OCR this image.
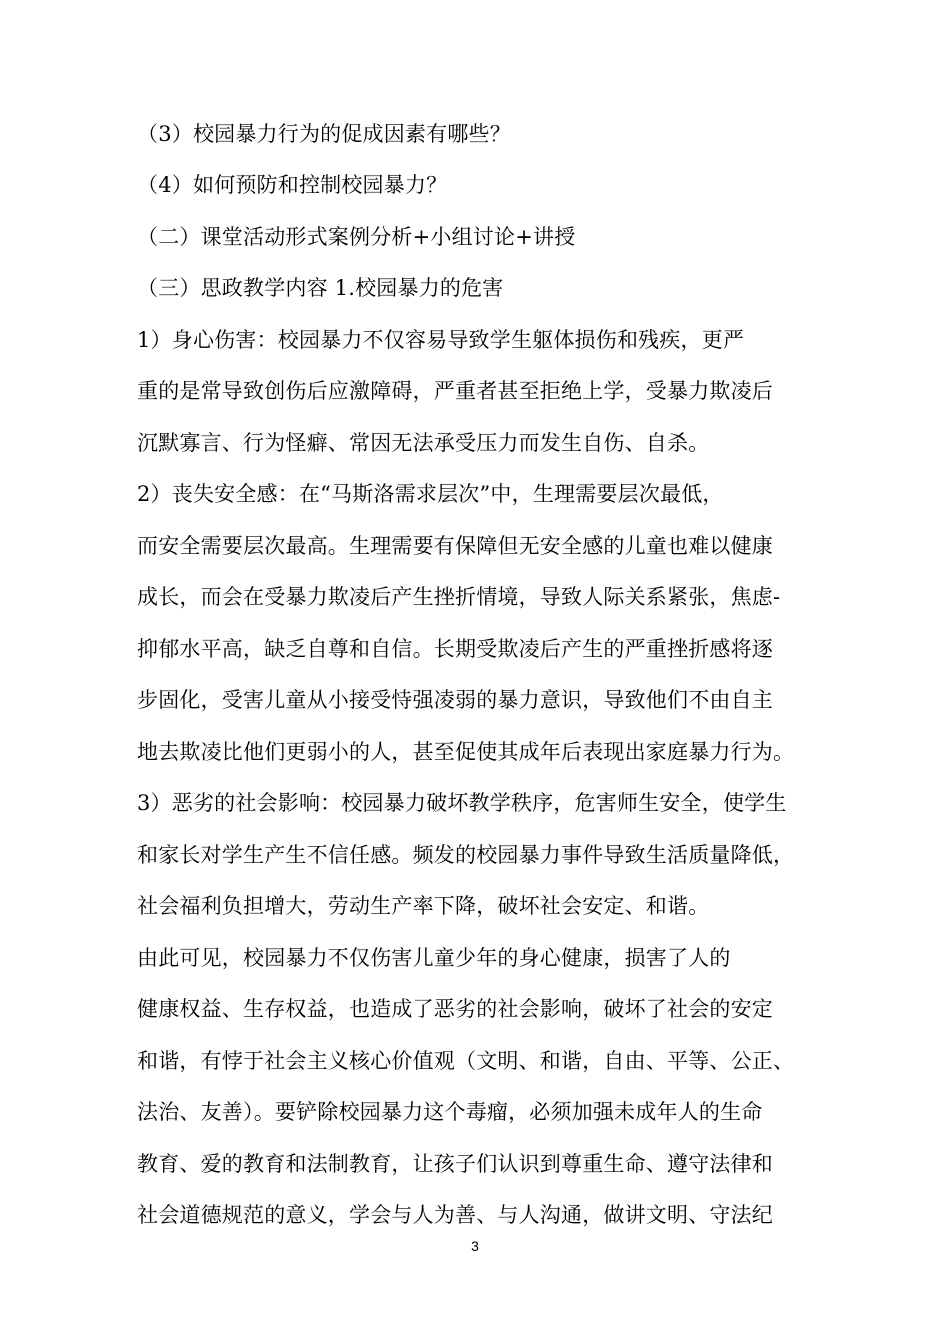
（3）校园暴力行为的促成因素有哪些？
（4）如何预防和控制校园暴力？
（二）课堂活动形式案例分析+小组讨论+讲授
（三）思政教学内容 1.校园暴力的危害
1）身心伤害：校园暴力不仅容易导致学生躯体损伤和残疾，更严
重的是常导致创伤后应激障碍，严重者甚至拒绝上学，受暴力欺凌后
沉默寡言、行为怪癖、常因无法承受压力而发生自伤、自杀。
2）丧失安全感：在“马斯洛需求层次”中，生理需要层次最低，
而安全需要层次最高。生理需要有保障但无安全感的儿童也难以健康
成长，而会在受暴力欺凌后产生挫折情境，导致人际关系紧张，焦虑-
抑郁水平高，缺乏自尊和自信。长期受欺凌后产生的严重挫折感将逐
步固化，受害儿童从小接受恃强凌弱的暴力意识，导致他们不由自主
地去欺凌比他们更弱小的人，甚至促使其成年后表现出家庭暴力行为。
3）恶劣的社会影响：校园暴力破坏教学秩序，危害师生安全，使学生
和家长对学生产生不信任感。频发的校园暴力事件导致生活质量降低，
社会福利负担增大，劳动生产率下降，破坏社会安定、和谐。
由此可见，校园暴力不仅伤害儿童少年的身心健康，损害了人的
健康权益、生存权益，也造成了恶劣的社会影响，破坏了社会的安定
和谐，有悖于社会主义核心价值观（文明、和谐，自由、平等、公正、
法治、友善）。要铲除校园暴力这个毒瘤，必须加强未成年人的生命
教育、爱的教育和法制教育，让孩子们认识到尊重生命、遵守法律和
社会道德规范的意义，学会与人为善、与人沟通，做讲文明、守法纪
3
